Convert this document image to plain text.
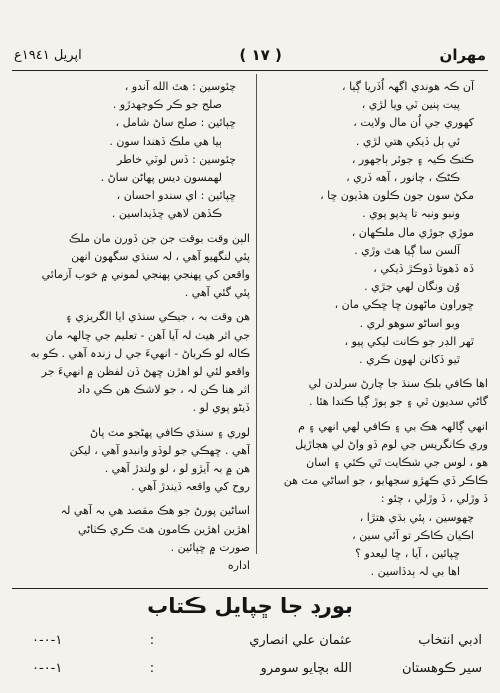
اپريل ١٩٤١ع	( ١٧ )	مهران

آن ڪہ هوندي اگهہ اُڏريا ڳيا ،

پيت پنين ٽي ويا لڙي ،

کهوري جي اُن مال ولايت ،

ئي ٻل ڏيکي هتي لڙي .

ڪنڪ ڪيہ ۽ جوئر ٻاجهور ،

ڪڻڪ ، چانور ، آهه ڏري ،

مکڻ سون جون ڪلون هڏيون ڇا ،

ونبو ونبہ تا پدپو پوي .

موڙي جوڙي مال ملڪهان ،

آلسن سا ڳيا هٿ وڙي .

ڏہ ڏهوتا ڏوڪڙ ڏيکي ،

وُن ونگان لهي جڙي .

ڇوراون ماڻهون ڇا ڇڪي مان ،

وبو اساڻو سوهو لري .

ٿهر الڊر جو ڪانت ليکي پيو ،

ٿيو ڏکانن لهون ڪري .

اها ڪافي بلڪ سنڌ جا چارڻ سرلدن لي

گاڻي سديون ٿي ۽ جو ٻوڙ ڳيا ڪندا هئا .

انهي ڳالهہ هڪ بي ۽ ڪافي لهي انهي ۽ م

وري ڪانگريس جي لوم ڏو واڻ لي هجاڙيل

هو ، لوس جي شڪايت ٿي ڪئي ۽ اسان

ڪاڪر ڏي ڪهڙو سجهايو ، جو اساڻي مٽ هن

ڏ وڙلي ، ڏ وڙلي ، چئو :

چهوسين ، پئي بڌي هتڙا ،

اڪيان ڪاڪر تو آئي سين ،

ڇپائين ، آيا ، ڇا ليعدو ؟

اها بي لہ ٻدڏاسين .

چئوسين : هٿ الله آندو ،

صلح جو ڪر ڪوجهدڙو .

ڇپائين : صلح ساڻ شامل ،

ٻيا هي ملڪ ڏهندا سون .

چئوسين : ڏس لوٽي خاطر

لهمسون ديس پهاڻن ساڻ .

ڇپائين : اي سندو احسان ،

ڪڏهن لاهي ڇڏيداسين .

الٻن وقت بوقت جن جن ڏورن مان ملڪ

پئي لنگهيو آهي ، لہ سنڌي سگهون انهن

واقعن کي پهنجي پهنجي لموني ۾ خوب آزمائي

پئي گئي آهي .

هن وقت بہ ، جيڪي سنڌي ايا الگريزي ۽

جي اثر هيٺ لہ آيا آهن - تعليم جي ڇالهہ مان

ڪاله لو ڪرباڻ - انهيءَ جي ل زندہ آهي . ڪو به

واقعو لئي لو اهڙن ڇهڻ ڏن لفظن ۾ انهيءَ جر

اثر هنا ڪن لہ ، جو لاشڪ هن ڪي داد

ڏيڻو پوي لو .

لوري ۽ سنڌي ڪافي پهڻجو مٽ پاڻ

آهي . ڇهڪي جو لوڏو وانبدو آهي ، ليکن

هن ۾ بہ آيڙو لو ، لو ولندڙ آهي .

روح کي واقعہ ڏيندڙ آهي .

اساڻين پورڻ جو هڪ مقصد هي بہ آهي لہ

اهڙين اهڙين ڪامون هٿ ڪري ڪٺاڻي

صورت ۾ ڇپائين .

اداره

بورڊ جا ڇپايل ڪتاب
ادبي انتخاب
عثمان علي انصاري
:
١-٠-٠
سير ڪوهستان
الله بچايو سومرو
:
١-٠-٠
